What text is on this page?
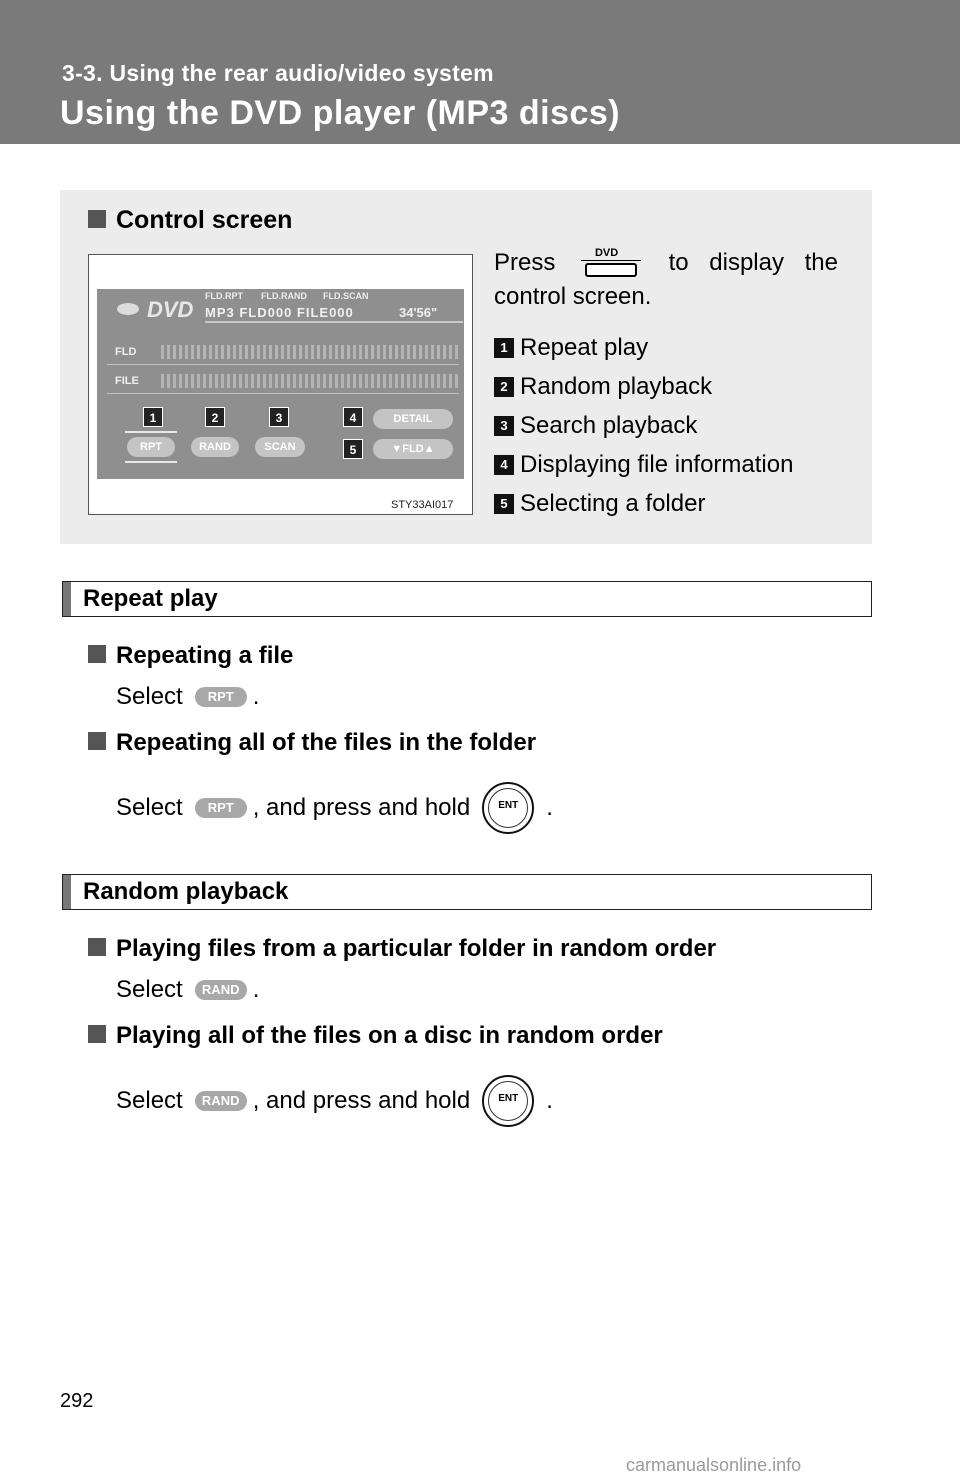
3-3. Using the rear audio/video system
Using the DVD player (MP3 discs)
Control screen
DVD
FLD.RPT FLD.RAND FLD.SCAN
MP3 FLD000 FILE000	34'56"
FLD
FILE
1	2	3	4
5
RPT	RAND	SCAN
DETAIL
▼FLD▲
STY33AI017
Press	DVD to display the
control screen.
1 Repeat play
2 Random playback
3 Search playback
4 Displaying file information
5 Selecting a folder
Repeat play
Repeating a file
Select	RPT .
Repeating all of the files in the folder
Select	RPT , and press and hold	ENT	.
Random playback
Playing files from a particular folder in random order
Select	RAND .
Playing all of the files on a disc in random order
Select	RAND , and press and hold	ENT	.
292
carmanualsonline.info
